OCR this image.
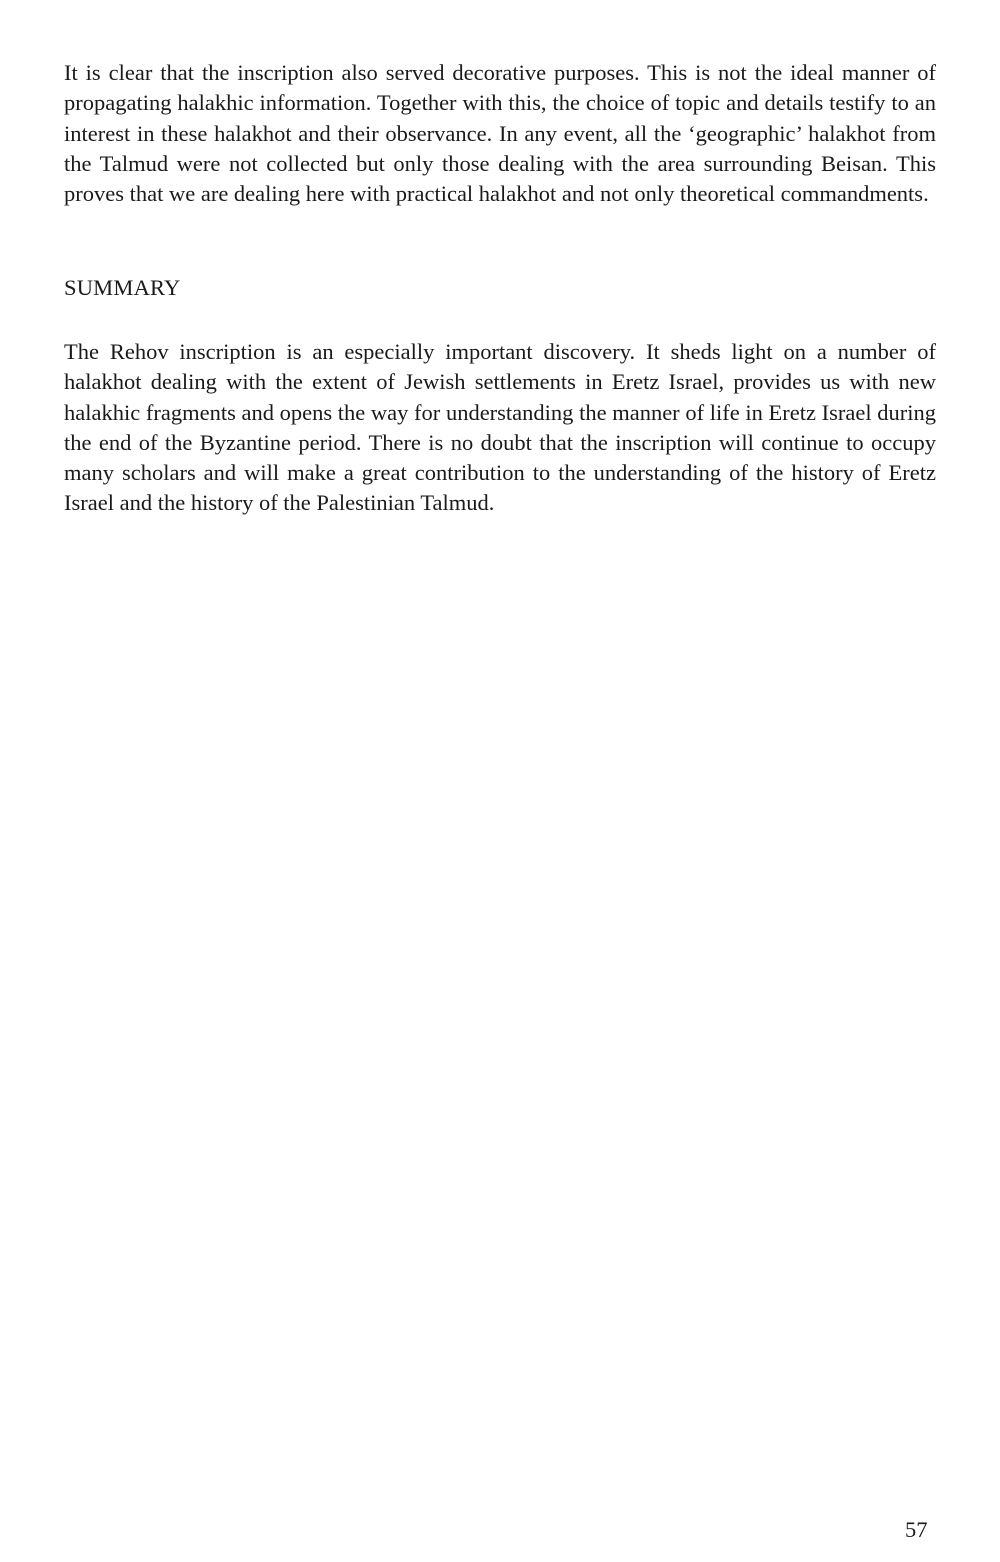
It is clear that the inscription also served decorative purposes. This is not the ideal manner of propagating halakhic information. Together with this, the choice of topic and details testify to an interest in these halakhot and their observance. In any event, all the ‘geographic’ halakhot from the Talmud were not collected but only those dealing with the area surrounding Beisan. This proves that we are dealing here with practical halakhot and not only theoretical commandments.

SUMMARY

The Rehov inscription is an especially important discovery. It sheds light on a number of halakhot dealing with the extent of Jewish settlements in Eretz Israel, provides us with new halakhic fragments and opens the way for understanding the manner of life in Eretz Israel during the end of the Byzantine period. There is no doubt that the inscription will continue to occupy many scholars and will make a great contribution to the understanding of the history of Eretz Israel and the history of the Palestinian Talmud.

57
